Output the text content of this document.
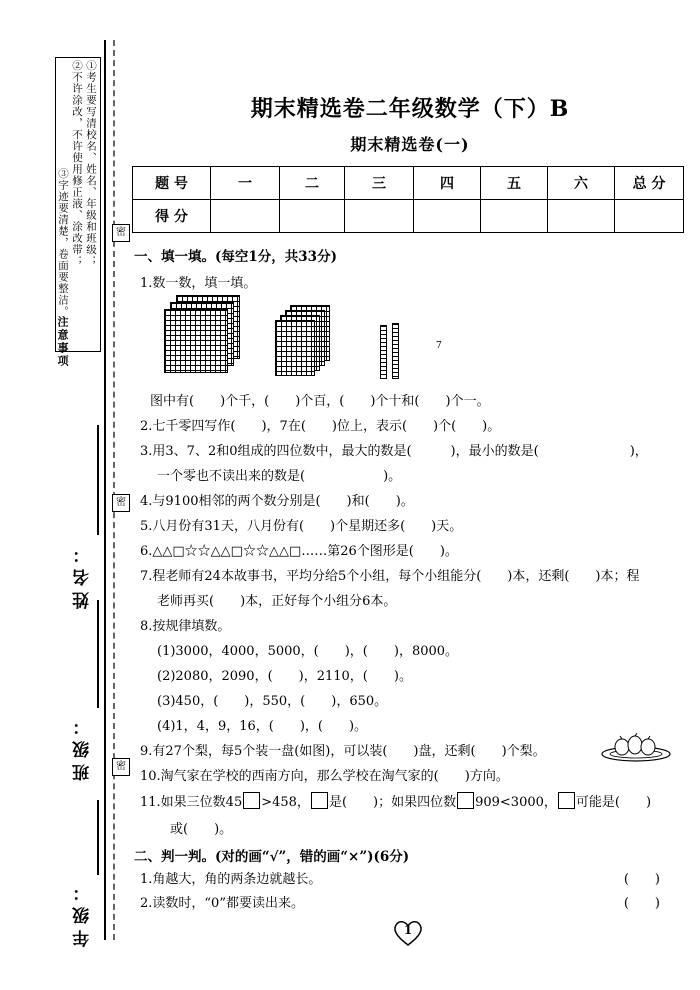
注意事项
①考生要写清校名、姓名、年级和班级；
②不许涂改，不许使用修正液、涂改带；
③字迹要清楚，卷面要整洁。
姓名：
班级：
年级：
密
密
密
期末精选卷二年级数学（下）B
期末精选卷(一)
题 号	一	二	三	四	五	六	总 分
得 分							
一、填一填。(每空1分，共33分)
1.数一数，填一填。
7
图中有(　　)个千，(　　)个百，(　　)个十和(　　)个一。
2.七千零四写作(　　)，7在(　　)位上，表示(　　)个(　　)。
3.用3、7、2和0组成的四位数中，最大的数是(　　　)，最小的数是(　　　　　　　)，
一个零也不读出来的数是(　　　　　　)。
4.与9100相邻的两个数分别是(　　)和(　　)。
5.八月份有31天，八月份有(　　)个星期还多(　　)天。
6.△△□☆☆△△□☆☆△△□……第26个图形是(　　)。
7.程老师有24本故事书，平均分给5个小组，每个小组能分(　　)本，还剩(　　)本；程
老师再买(　　)本，正好每个小组分6本。
8.按规律填数。
(1)3000，4000，5000，(　　)，(　　)，8000。
(2)2080，2090，(　　)，2110，(　　)。
(3)450，(　　)，550，(　　)，650。
(4)1，4，9，16，(　　)，(　　)。
9.有27个梨，每5个装一盘(如图)，可以装(　　)盘，还剩(　　)个梨。
10.淘气家在学校的西南方向，那么学校在淘气家的(　　)方向。
11.如果三位数45 >458， 是(　　)；如果四位数 909<3000， 可能是(　　)
或(　　)。
二、判一判。(对的画“√”，错的画“×”)(6分)
1.角越大，角的两条边就越长。	(　　)
2.读数时，“0”都要读出来。	(　　)
1
